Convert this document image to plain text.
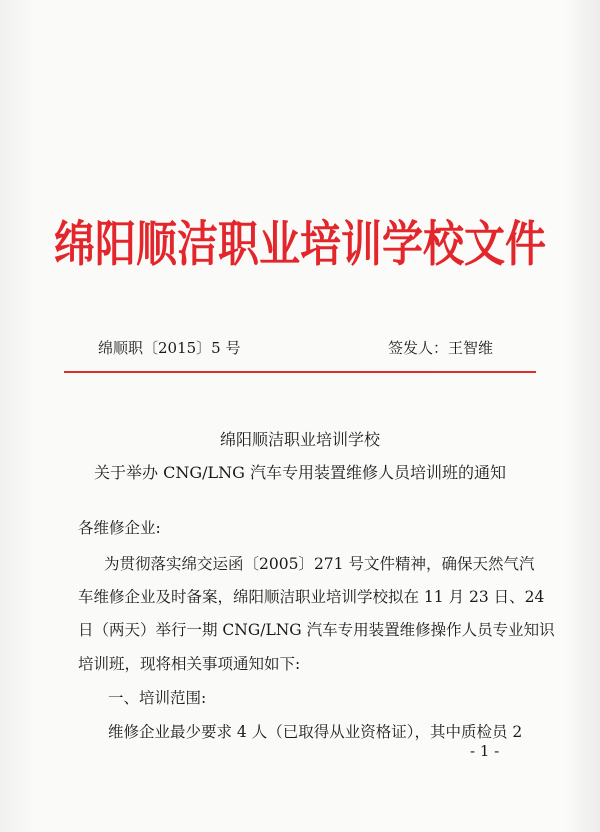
绵阳顺洁职业培训学校文件
绵顺职〔2015〕5 号	签发人：王智维
绵阳顺洁职业培训学校
关于举办 CNG/LNG 汽车专用装置维修人员培训班的通知
各维修企业:
为贯彻落实绵交运函〔2005〕271 号文件精神，确保天然气汽
车维修企业及时备案，绵阳顺洁职业培训学校拟在 11 月 23 日、24
日（两天）举行一期 CNG/LNG 汽车专用装置维修操作人员专业知识
培训班，现将相关事项通知如下:
一、培训范围:
维修企业最少要求 4 人（已取得从业资格证），其中质检员 2
- 1 -
